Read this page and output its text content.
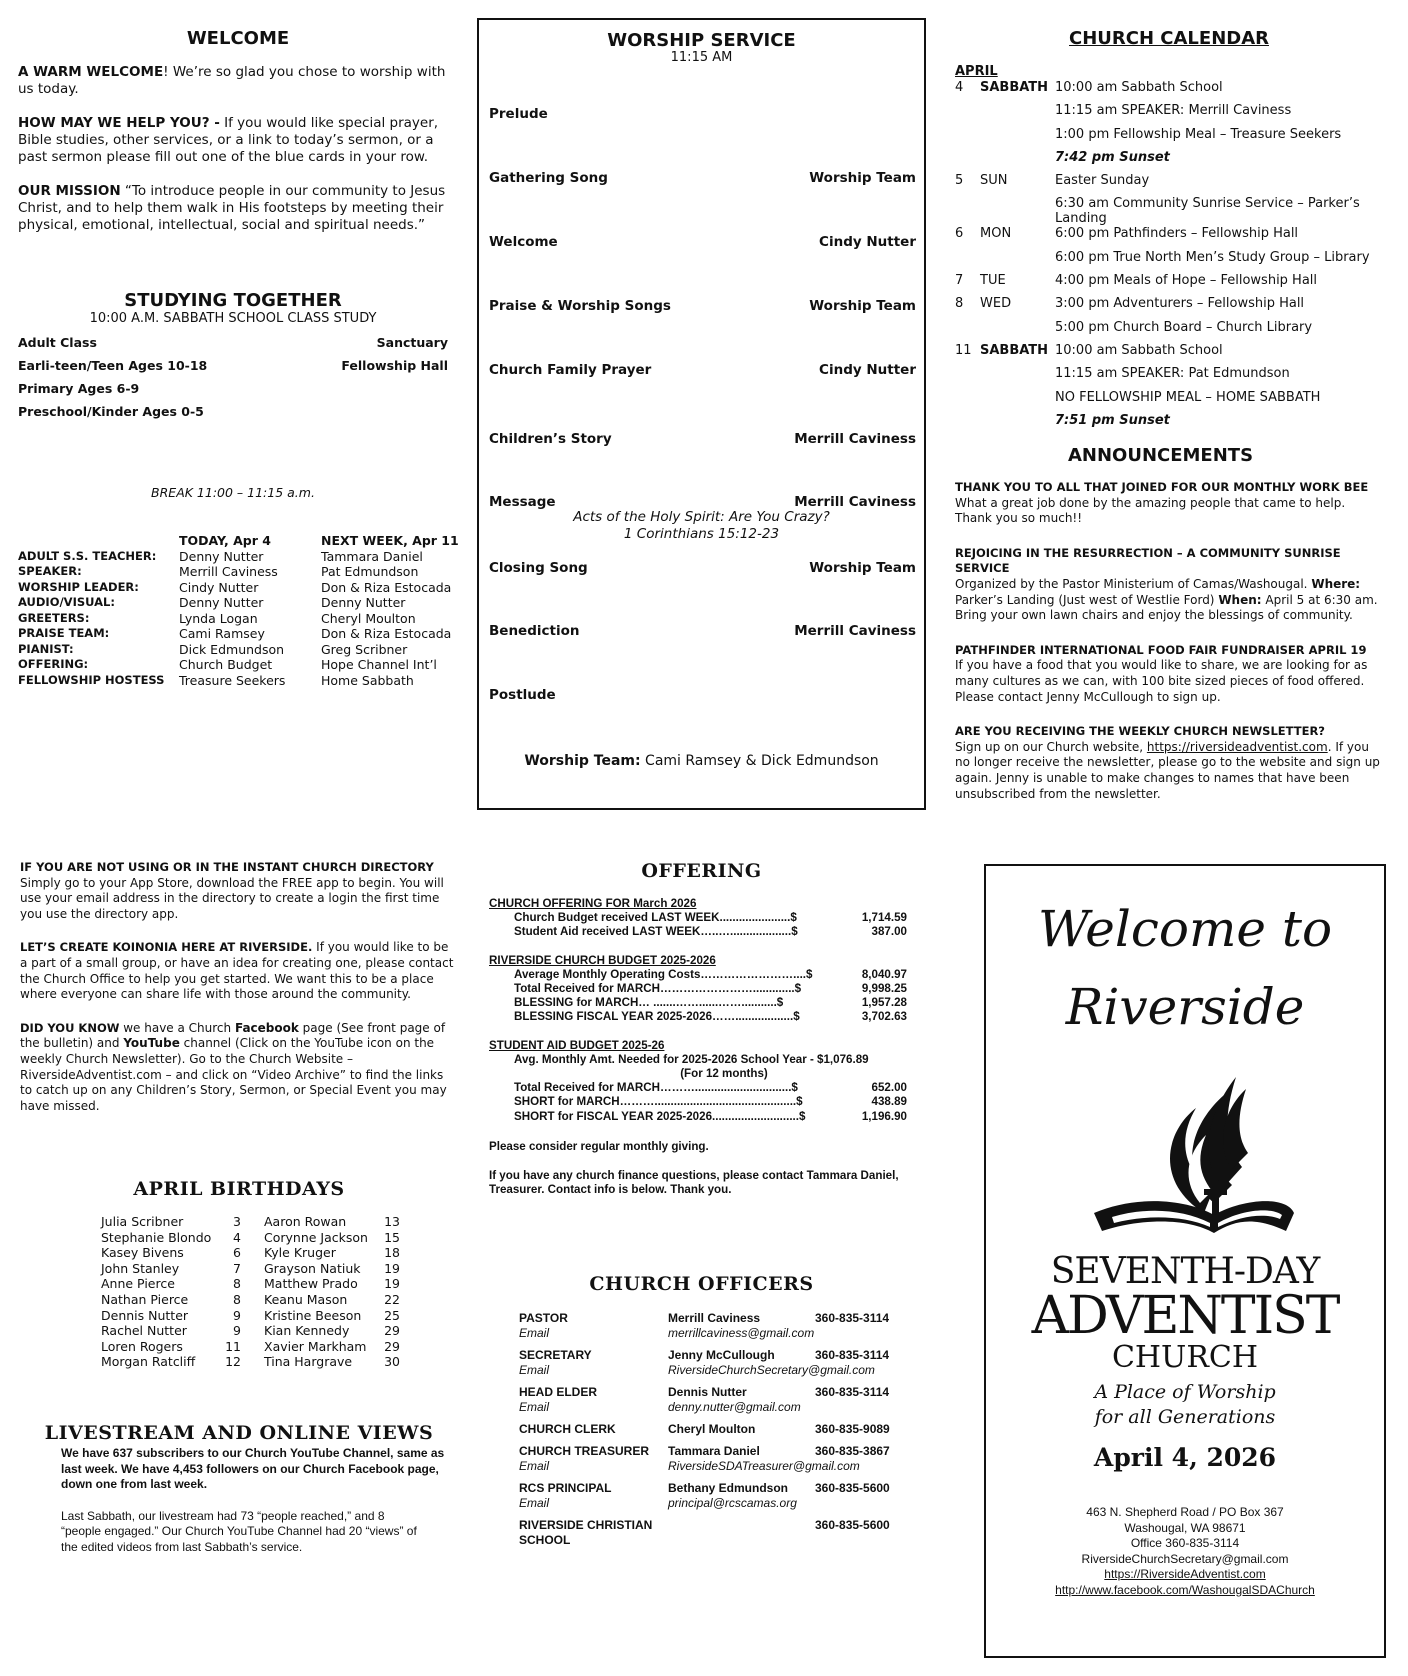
WELCOME

A WARM WELCOME! We’re so glad you chose to worship with us today.

HOW MAY WE HELP YOU? - If you would like special prayer, Bible studies, other services, or a link to today’s sermon, or a past sermon please fill out one of the blue cards in your row.

OUR MISSION “To introduce people in our community to Jesus Christ, and to help them walk in His footsteps by meeting their physical, emotional, intellectual, social and spiritual needs.”

STUDYING TOGETHER
10:00 A.M. SABBATH SCHOOL CLASS STUDY
Adult Class	Sanctuary
Earli-teen/Teen Ages 10-18	Fellowship Hall
Primary Ages 6-9
Preschool/Kinder Ages 0-5
BREAK 11:00 – 11:15 a.m.
	TODAY, Apr 4	NEXT WEEK, Apr 11
ADULT S.S. TEACHER:	Denny Nutter	Tammara Daniel
SPEAKER:	Merrill Caviness	Pat Edmundson
WORSHIP LEADER:	Cindy Nutter	Don & Riza Estocada
AUDIO/VISUAL:	Denny Nutter	Denny Nutter
GREETERS:	Lynda Logan	Cheryl Moulton
PRAISE TEAM:	Cami Ramsey	Don & Riza Estocada
PIANIST:	Dick Edmundson	Greg Scribner
OFFERING:	Church Budget	Hope Channel Int’l
FELLOWSHIP HOSTESS	Treasure Seekers	Home Sabbath
WORSHIP SERVICE
11:15 AM
Prelude
Gathering Song	Worship Team
Welcome	Cindy Nutter
Praise & Worship Songs	Worship Team
Church Family Prayer	Cindy Nutter
Children’s Story	Merrill Caviness
Message	Merrill Caviness
Closing Song	Worship Team
Benediction	Merrill Caviness
Postlude
Acts of the Holy Spirit: Are You Crazy?
1 Corinthians 15:12-23
Worship Team: Cami Ramsey & Dick Edmundson
CHURCH CALENDAR
APRIL
4	SABBATH	10:00 am Sabbath School
		11:15 am SPEAKER: Merrill Caviness
		1:00 pm Fellowship Meal – Treasure Seekers
		7:42 pm Sunset
5	SUN	Easter Sunday
		6:30 am Community Sunrise Service – Parker’s Landing
6	MON	6:00 pm Pathfinders – Fellowship Hall
		6:00 pm True North Men’s Study Group – Library
7	TUE	4:00 pm Meals of Hope – Fellowship Hall
8	WED	3:00 pm Adventurers – Fellowship Hall
		5:00 pm Church Board – Church Library
11	SABBATH	10:00 am Sabbath School
		11:15 am SPEAKER: Pat Edmundson
		NO FELLOWSHIP MEAL – HOME SABBATH
		7:51 pm Sunset
ANNOUNCEMENTS
THANK YOU TO ALL THAT JOINED FOR OUR MONTHLY WORK BEE
What a great job done by the amazing people that came to help. Thank you so much!!
REJOICING IN THE RESURRECTION – A COMMUNITY SUNRISE SERVICE
Organized by the Pastor Ministerium of Camas/Washougal. Where: Parker’s Landing (Just west of Westlie Ford) When: April 5 at 6:30 am. Bring your own lawn chairs and enjoy the blessings of community.
PATHFINDER INTERNATIONAL FOOD FAIR FUNDRAISER APRIL 19
If you have a food that you would like to share, we are looking for as many cultures as we can, with 100 bite sized pieces of food offered. Please contact Jenny McCullough to sign up.
ARE YOU RECEIVING THE WEEKLY CHURCH NEWSLETTER?
Sign up on our Church website, https://riversideadventist.com. If you no longer receive the newsletter, please go to the website and sign up again. Jenny is unable to make changes to names that have been unsubscribed from the newsletter.
IF YOU ARE NOT USING OR IN THE INSTANT CHURCH DIRECTORY
Simply go to your App Store, download the FREE app to begin. You will use your email address in the directory to create a login the first time you use the directory app.
LET’S CREATE KOINONIA HERE AT RIVERSIDE. If you would like to be a part of a small group, or have an idea for creating one, please contact the Church Office to help you get started. We want this to be a place where everyone can share life with those around the community.
DID YOU KNOW we have a Church Facebook page (See front page of the bulletin) and YouTube channel (Click on the YouTube icon on the weekly Church Newsletter). Go to the Church Website – RiversideAdventist.com – and click on “Video Archive” to find the links to catch up on any Children’s Story, Sermon, or Special Event you may have missed.
APRIL BIRTHDAYS
Julia Scribner	3
Stephanie Blondo	4
Kasey Bivens	6
John Stanley	7
Anne Pierce	8
Nathan Pierce	8
Dennis Nutter	9
Rachel Nutter	9
Loren Rogers	11
Morgan Ratcliff	12
Aaron Rowan	13
Corynne Jackson	15
Kyle Kruger	18
Grayson Natiuk	19
Matthew Prado	19
Keanu Mason	22
Kristine Beeson	25
Kian Kennedy	29
Xavier Markham	29
Tina Hargrave	30
LIVESTREAM AND ONLINE VIEWS
We have 637 subscribers to our Church YouTube Channel, same as last week. We have 4,453 followers on our Church Facebook page, down one from last week.
Last Sabbath, our livestream had 73 “people reached,” and 8 “people engaged.” Our Church YouTube Channel had 20 “views” of the edited videos from last Sabbath’s service.
OFFERING
CHURCH OFFERING FOR March 2026
Church Budget received LAST WEEK......................$	1,714.59
Student Aid received LAST WEEK…..…...................$	387.00
RIVERSIDE CHURCH BUDGET 2025-2026
Average Monthly Operating Costs……………………....$	8,040.97
Total Received for MARCH…………………….............$	9,998.25
BLESSING for MARCH… .......……......……...........$	1,957.28
BLESSING FISCAL YEAR 2025-2026……..................$	3,702.63
STUDENT AID BUDGET 2025-26
Avg. Monthly Amt. Needed for 2025-2026 School Year - $1,076.89
(For 12 months)
Total Received for MARCH………..............................$	652.00
SHORT for MARCH………............................................$	438.89
SHORT for FISCAL YEAR 2025-2026...........................$	1,196.90
Please consider regular monthly giving.
If you have any church finance questions, please contact Tammara Daniel, Treasurer. Contact info is below. Thank you.
CHURCH OFFICERS
PASTOR	Merrill Caviness	360-835-3114
Email	merrillcaviness@gmail.com	
SECRETARY	Jenny McCullough	360-835-3114
Email	RiversideChurchSecretary@gmail.com	
HEAD ELDER	Dennis Nutter	360-835-3114
Email	denny.nutter@gmail.com	
CHURCH CLERK	Cheryl Moulton	360-835-9089
CHURCH TREASURER	Tammara Daniel	360-835-3867
Email	RiversideSDATreasurer@gmail.com	
RCS PRINCIPAL	Bethany Edmundson	360-835-5600
Email	principal@rcscamas.org	
RIVERSIDE CHRISTIAN SCHOOL		360-835-5600
Welcome to
Riverside
SEVENTH-DAY
ADVENTIST
CHURCH
A Place of Worship
for all Generations
April 4, 2026
463 N. Shepherd Road / PO Box 367
Washougal, WA 98671
Office 360-835-3114
RiversideChurchSecretary@gmail.com
https://RiversideAdventist.com
http://www.facebook.com/WashougalSDAChurch
